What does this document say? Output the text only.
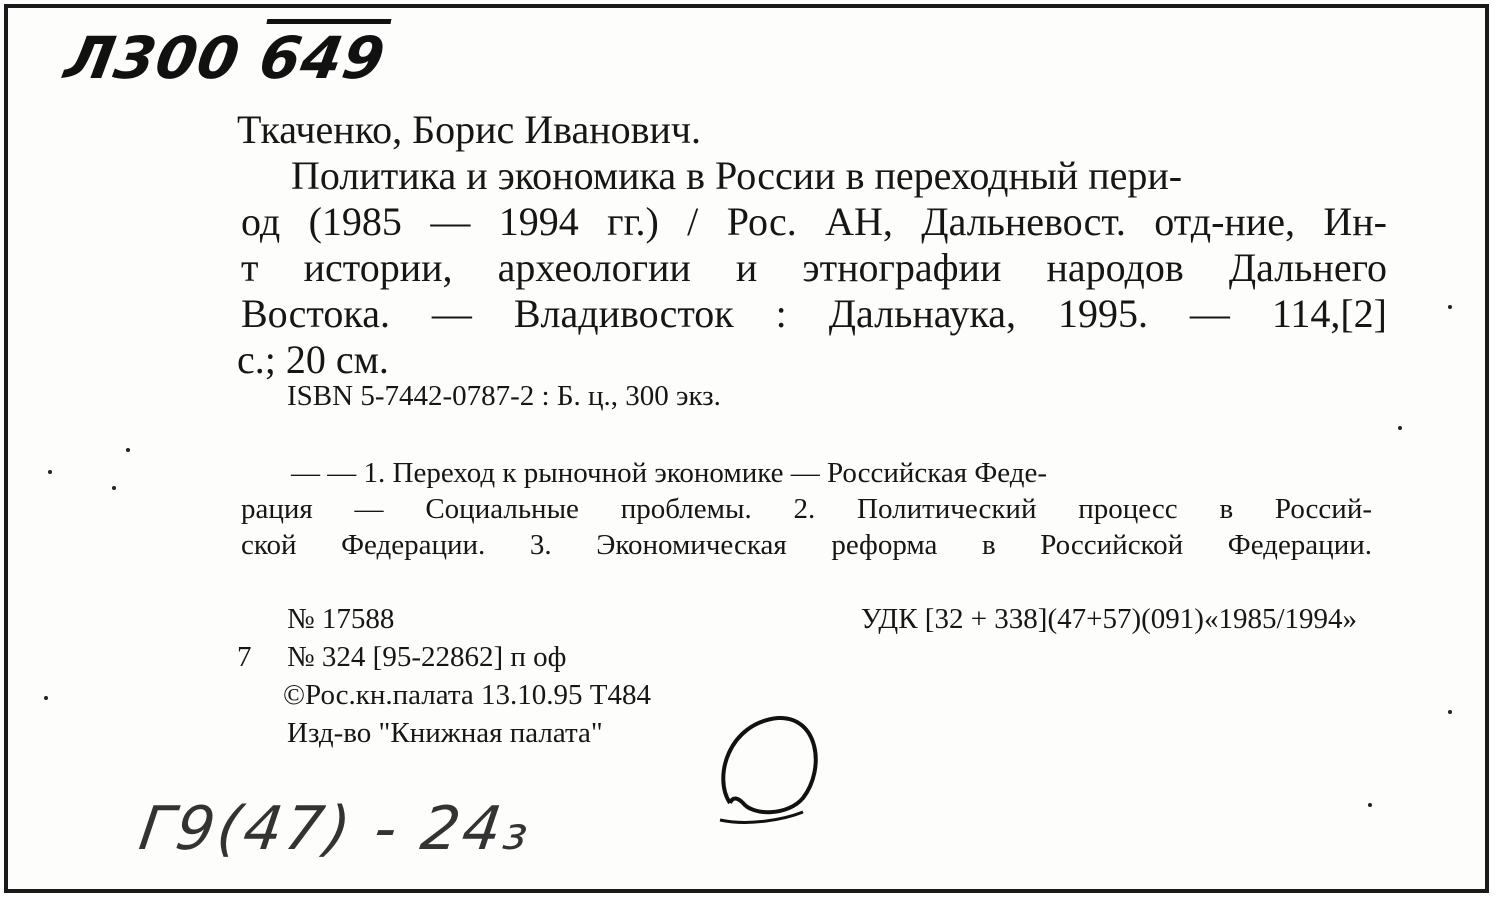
Л300 649
Ткаченко, Борис Иванович.
Политика и экономика в России в переходный пери-
од (1985 — 1994 гг.) / Рос. АН, Дальневост. отд-ние, Ин-
т истории, археологии и этнографии народов Дальнего
Востока. — Владивосток : Дальнаука, 1995. — 114,[2]
с.; 20 см.
ISBN 5-7442-0787-2 : Б. ц., 300 экз.
— — 1. Переход к рыночной экономике — Российская Феде-
рация — Социальные проблемы. 2. Политический процесс в Россий-
ской Федерации. 3. Экономическая реформа в Российской Федерации.
№ 17588	УДК [32 + 338](47+57)(091)«1985/1994»
7 № 324 [95-22862] п оф
©Рос.кн.палата 13.10.95 Т484
Изд-во "Книжная палата"
Г9(47) - 24₃
